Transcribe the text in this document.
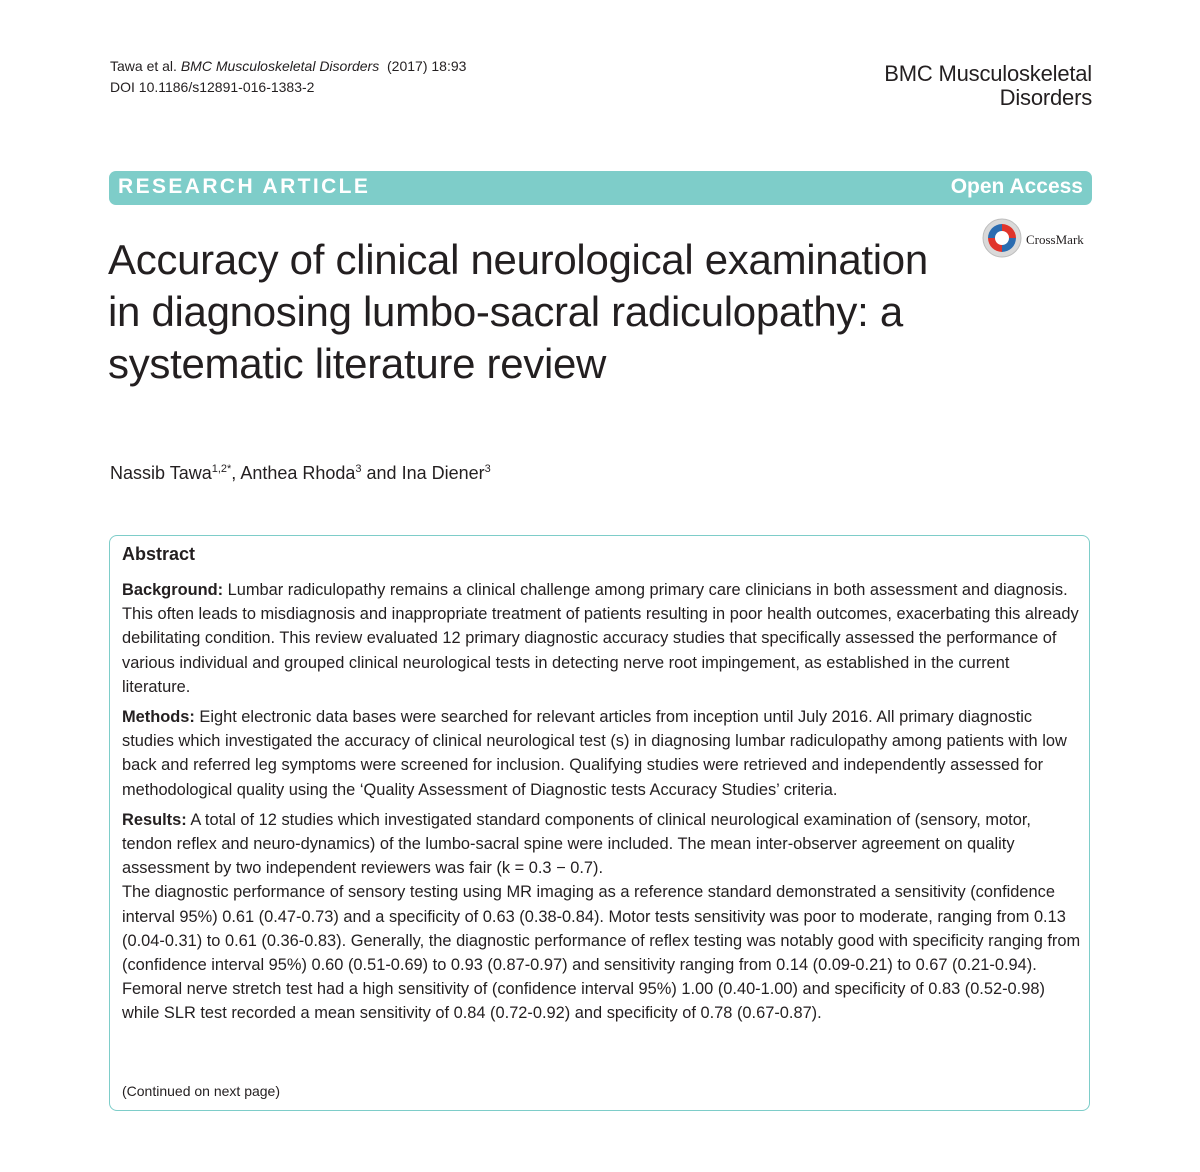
Tawa et al. BMC Musculoskeletal Disorders (2017) 18:93
DOI 10.1186/s12891-016-1383-2
BMC Musculoskeletal
Disorders
RESEARCH ARTICLE	Open Access
CrossMark
Accuracy of clinical neurological examination in diagnosing lumbo-sacral radiculopathy: a systematic literature review
Nassib Tawa$^{1,2*}$, Anthea Rhoda$^3$ and Ina Diener$^3$
Abstract

Background: Lumbar radiculopathy remains a clinical challenge among primary care clinicians in both assessment and diagnosis. This often leads to misdiagnosis and inappropriate treatment of patients resulting in poor health outcomes, exacerbating this already debilitating condition. This review evaluated 12 primary diagnostic accuracy studies that specifically assessed the performance of various individual and grouped clinical neurological tests in detecting nerve root impingement, as established in the current literature.

Methods: Eight electronic data bases were searched for relevant articles from inception until July 2016. All primary diagnostic studies which investigated the accuracy of clinical neurological test (s) in diagnosing lumbar radiculopathy among patients with low back and referred leg symptoms were screened for inclusion. Qualifying studies were retrieved and independently assessed for methodological quality using the ‘Quality Assessment of Diagnostic tests Accuracy Studies’ criteria.

Results: A total of 12 studies which investigated standard components of clinical neurological examination of (sensory, motor, tendon reflex and neuro-dynamics) of the lumbo-sacral spine were included. The mean inter-observer agreement on quality assessment by two independent reviewers was fair (k = 0.3 − 0.7).

The diagnostic performance of sensory testing using MR imaging as a reference standard demonstrated a sensitivity (confidence interval 95%) 0.61 (0.47-0.73) and a specificity of 0.63 (0.38-0.84). Motor tests sensitivity was poor to moderate, ranging from 0.13 (0.04-0.31) to 0.61 (0.36-0.83). Generally, the diagnostic performance of reflex testing was notably good with specificity ranging from (confidence interval 95%) 0.60 (0.51-0.69) to 0.93 (0.87-0.97) and sensitivity ranging from 0.14 (0.09-0.21) to 0.67 (0.21-0.94). Femoral nerve stretch test had a high sensitivity of (confidence interval 95%) 1.00 (0.40-1.00) and specificity of 0.83 (0.52-0.98) while SLR test recorded a mean sensitivity of 0.84 (0.72-0.92) and specificity of 0.78 (0.67-0.87).

(Continued on next page)
